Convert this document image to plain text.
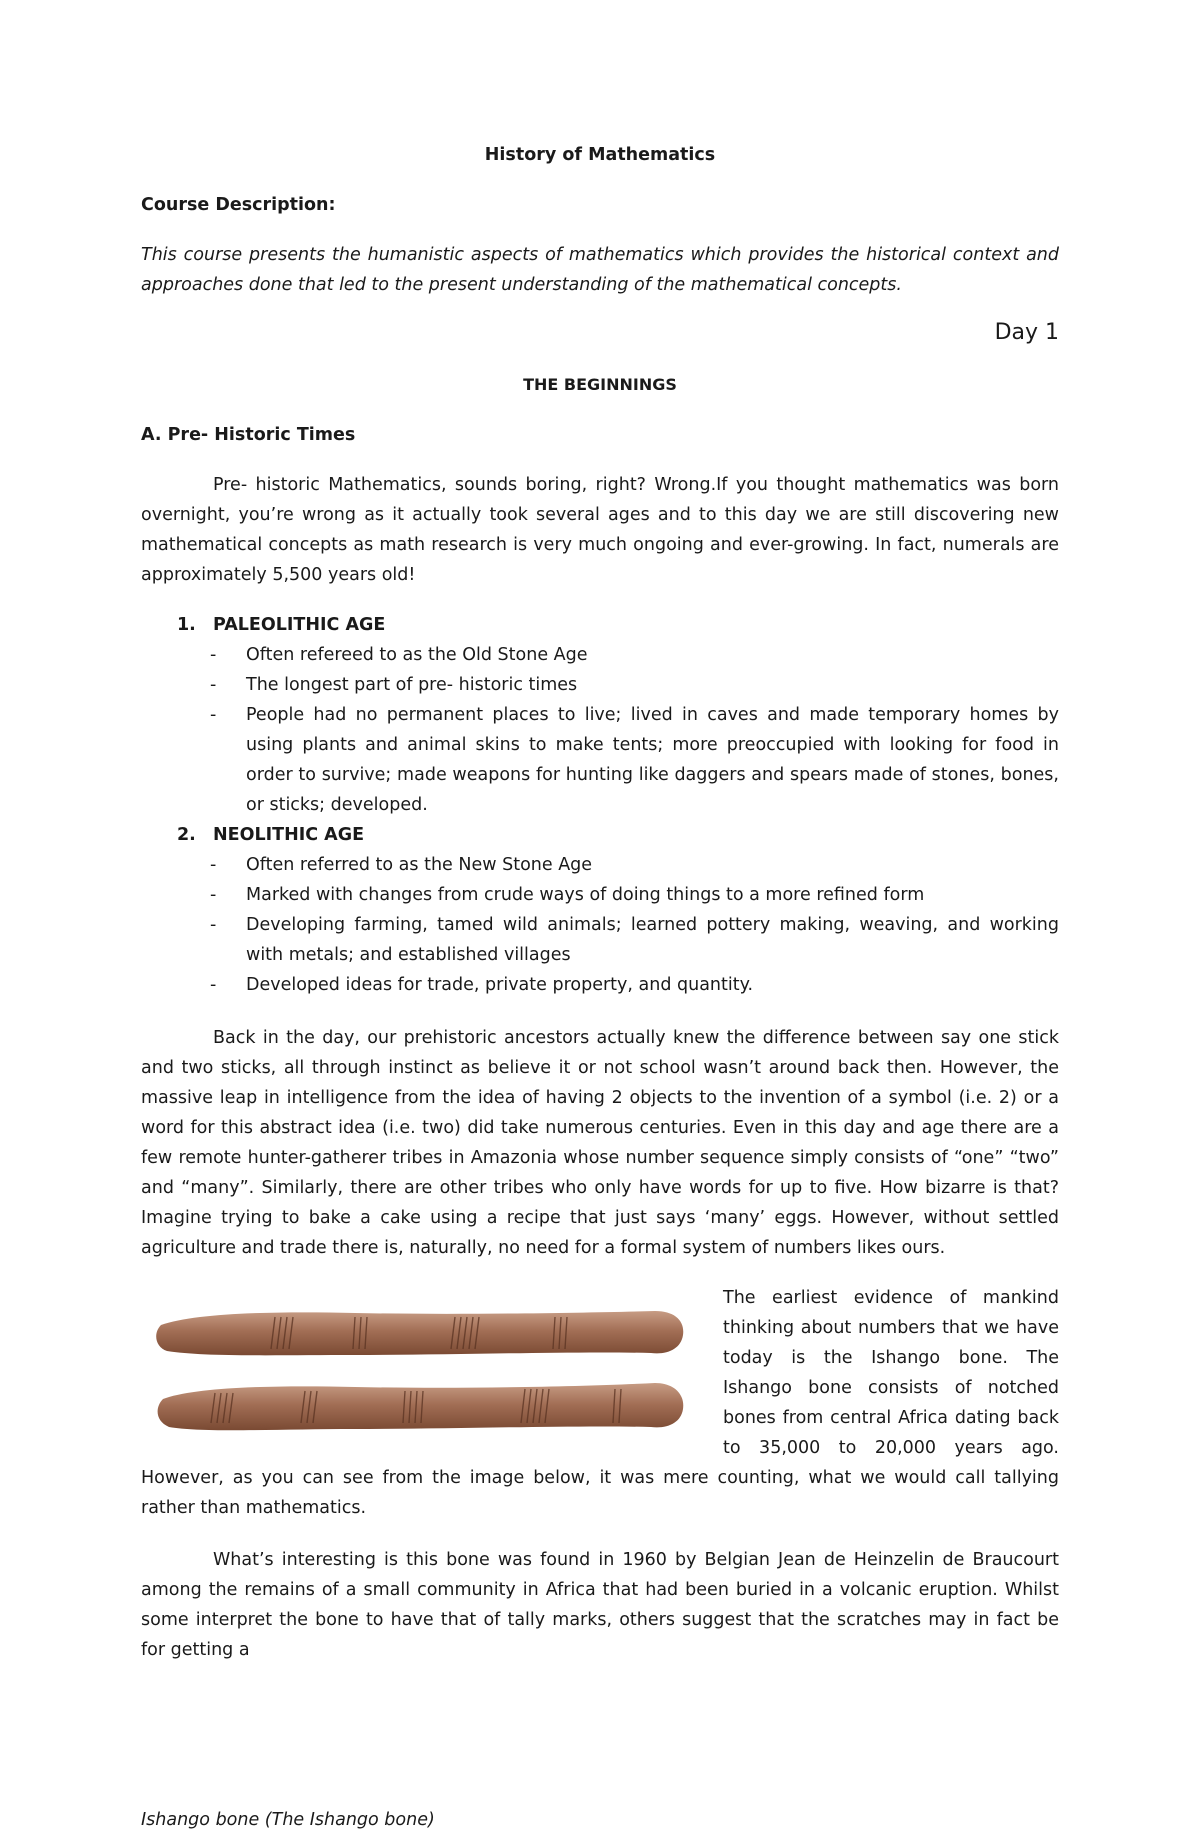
History of Mathematics
Course Description:
This course presents the humanistic aspects of mathematics which provides the historical context and approaches done that led to the present understanding of the mathematical concepts.
Day 1
THE BEGINNINGS
A. Pre- Historic Times
Pre- historic Mathematics, sounds boring, right? Wrong.If you thought mathematics was born overnight, you’re wrong as it actually took several ages and to this day we are still discovering new mathematical concepts as math research is very much ongoing and ever-growing. In fact, numerals are approximately 5,500 years old!
1. PALEOLITHIC AGE
- Often refereed to as the Old Stone Age
- The longest part of pre- historic times
- People had no permanent places to live; lived in caves and made temporary homes by using plants and animal skins to make tents; more preoccupied with looking for food in order to survive; made weapons for hunting like daggers and spears made of stones, bones, or sticks; developed.
2. NEOLITHIC AGE
- Often referred to as the New Stone Age
- Marked with changes from crude ways of doing things to a more refined form
- Developing farming, tamed wild animals; learned pottery making, weaving, and working with metals; and established villages
- Developed ideas for trade, private property, and quantity.
Back in the day, our prehistoric ancestors actually knew the difference between say one stick and two sticks, all through instinct as believe it or not school wasn’t around back then. However, the massive leap in intelligence from the idea of having 2 objects to the invention of a symbol (i.e. 2) or a word for this abstract idea (i.e. two) did take numerous centuries. Even in this day and age there are a few remote hunter-gatherer tribes in Amazonia whose number sequence simply consists of “one” “two” and “many”. Similarly, there are other tribes who only have words for up to five. How bizarre is that? Imagine trying to bake a cake using a recipe that just says ‘many’ eggs. However, without settled agriculture and trade there is, naturally, no need for a formal system of numbers likes ours.
The earliest evidence of mankind thinking about numbers that we have today is the Ishango bone. The Ishango bone consists of notched bones from central Africa dating back to 35,000 to 20,000 years ago.
However, as you can see from the image below, it was mere counting, what we would call tallying rather than mathematics.
What’s interesting is this bone was found in 1960 by Belgian Jean de Heinzelin de Braucourt among the remains of a small community in Africa that had been buried in a volcanic eruption. Whilst some interpret the bone to have that of tally marks, others suggest that the scratches may in fact be for getting a
Ishango bone (The Ishango bone)
